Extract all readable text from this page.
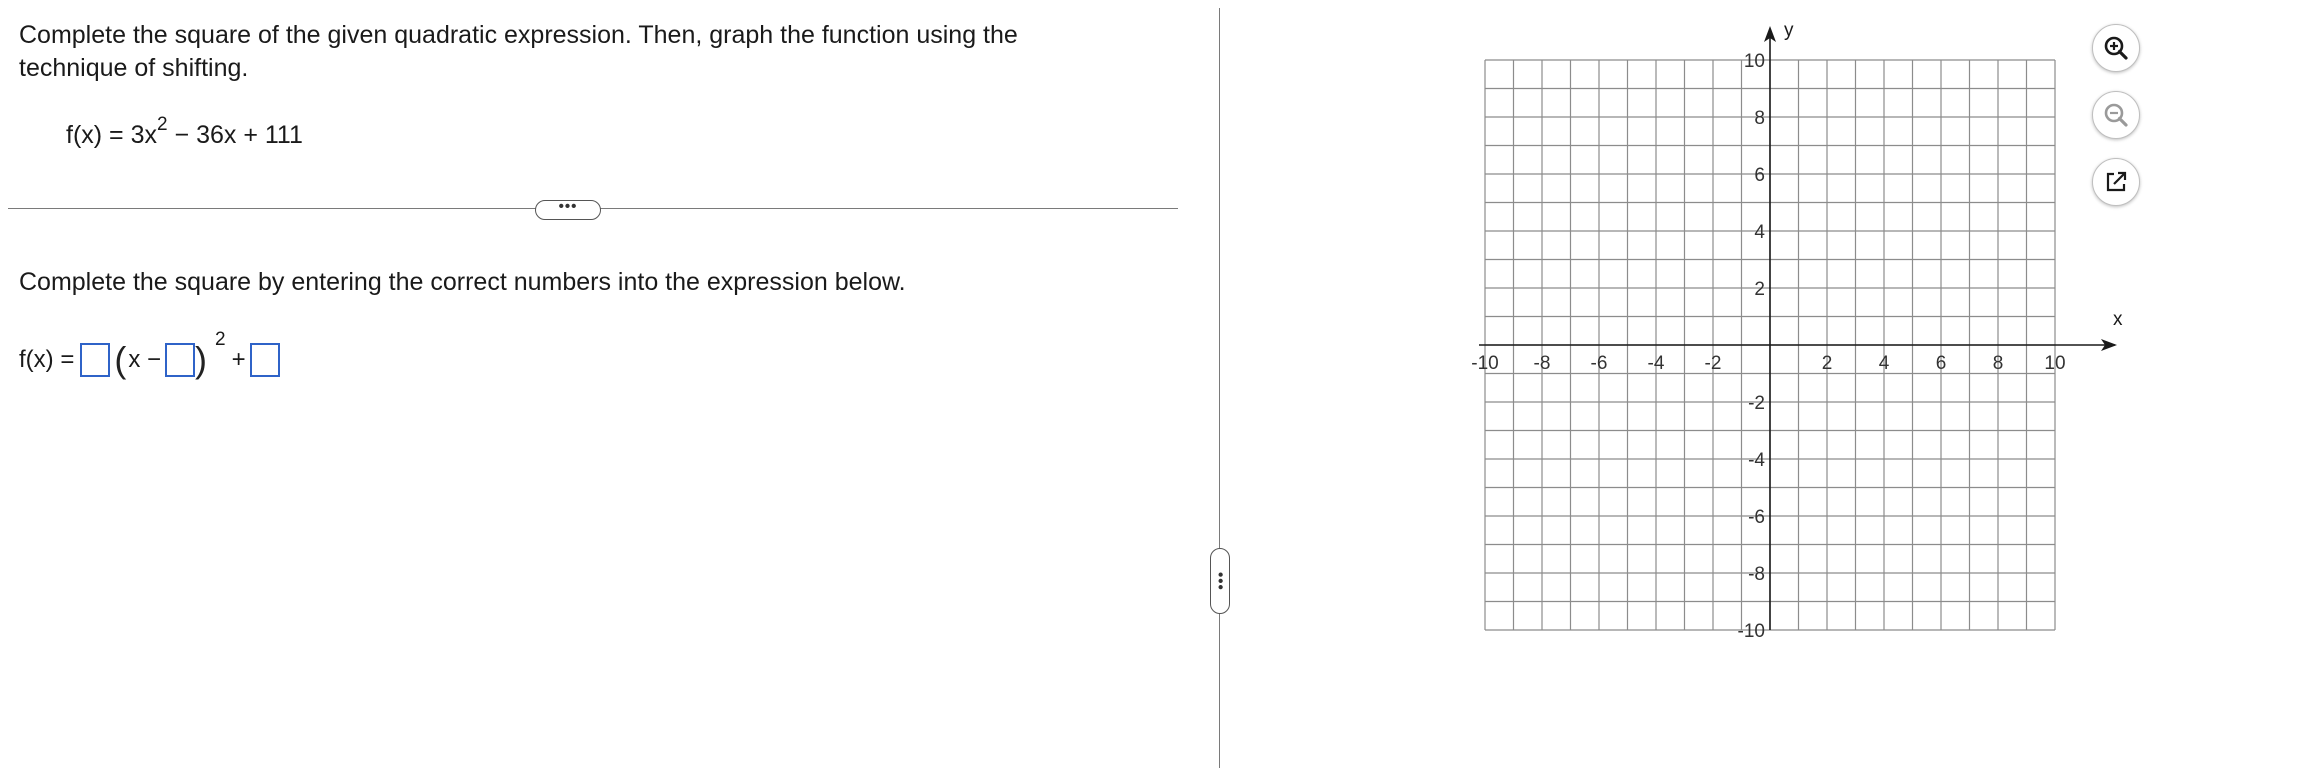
Complete the square of the given quadratic expression. Then, graph the function using the technique of shifting.

$f(x) = 3x^2 - 36x + 111$
•••

Complete the square by entering the correct numbers into the expression below.

f(x) = ( x − ) 2
+
•••
x
y
-10 -8 -6 -4 -2	2 4 6 8 10
10
8
6
4
2
-2
-4
-6
-8
-10
